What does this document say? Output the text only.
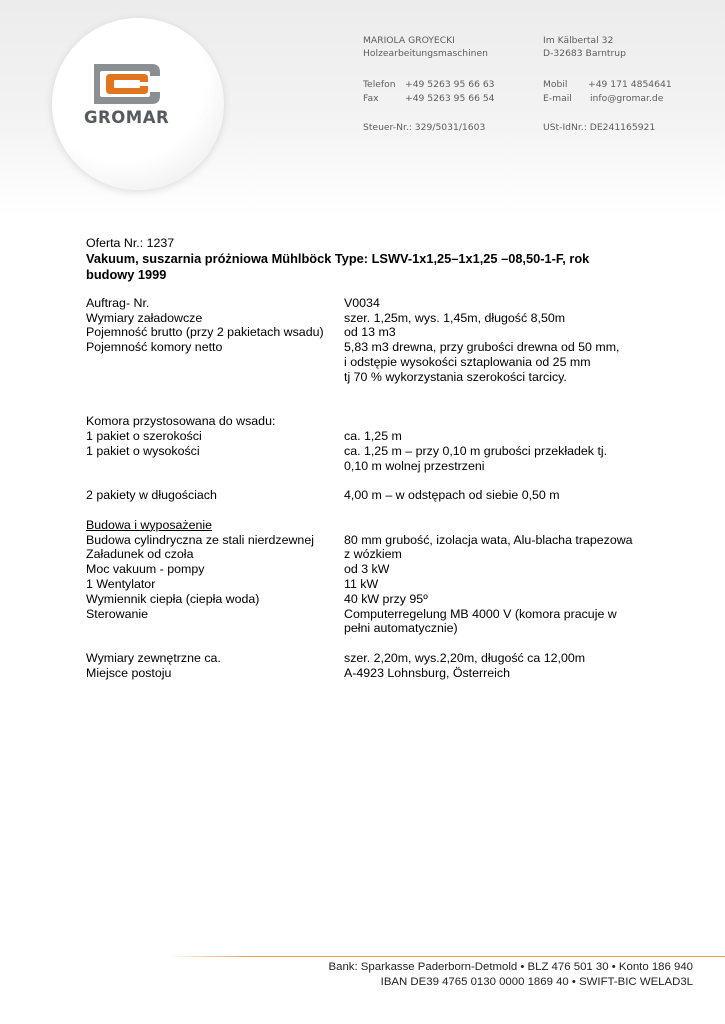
GROMAR
MARIOLA GROYECKI
Holzearbeitungsmaschinen
Im Kälbertal 32
D-32683 Barntrup
Telefon +49 5263 95 66 63
Fax	+49 5263 95 66 54
Mobil +49 171 4854641
E-mail info@gromar.de
Steuer-Nr.: 329/5031/1603	USt-IdNr.: DE241165921
Oferta Nr.: 1237
Vakuum, suszarnia próżniowa Mühlböck Type: LSWV-1x1,25–1x1,25 –08,50-1-F, rok budowy 1999
Auftrag- Nr.	V0034
Wymiary załadowcze	szer. 1,25m, wys. 1,45m, długość 8,50m
Pojemność brutto (przy 2 pakietach wsadu)	od 13 m3
Pojemność komory netto	5,83 m3 drewna, przy grubości drewna od 50 mm,
i odstępie wysokości sztaplowania od 25 mm
tj 70 % wykorzystania szerokości tarcicy.
Komora przystosowana do wsadu:
1 pakiet o szerokości	ca. 1,25 m
1 pakiet o wysokości	ca. 1,25 m – przy 0,10 m grubości przekładek tj.
0,10 m wolnej przestrzeni
2 pakiety w długościach	4,00 m – w odstępach od siebie 0,50 m
Budowa i wyposażenie
Budowa cylindryczna ze stali nierdzewnej	80 mm grubość, izolacja wata, Alu-blacha trapezowa
Załadunek od czoła	z wózkiem
Moc vakuum - pompy	od 3 kW
1 Wentylator	11 kW
Wymiennik ciepła (ciepła woda)	40 kW przy 95º
Sterowanie	Computerregelung MB 4000 V (komora pracuje w
pełni automatycznie)
Wymiary zewnętrzne ca.	szer. 2,20m, wys.2,20m, długość ca 12,00m
Miejsce postoju	A-4923 Lohnsburg, Österreich
Bank: Sparkasse Paderborn-Detmold • BLZ 476 501 30 • Konto 186 940
IBAN DE39 4765 0130 0000 1869 40 • SWIFT-BIC WELAD3L
